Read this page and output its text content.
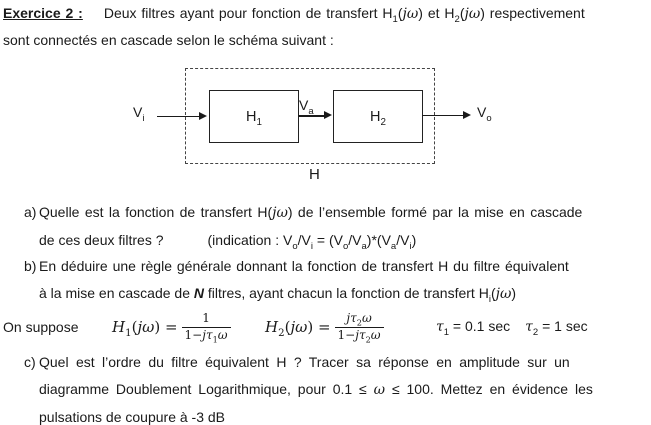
Exercice 2 : Deux filtres ayant pour fonction de transfert $H_1(j\omega)$ et $H_2(j\omega)$ respectivement
sont connectés en cascade selon le schéma suivant :
$H_1$	$H_2$
$V_i$
$V_a$	$V_o$
H
a) Quelle est la fonction de transfert H(jω) de l’ensemble formé par la mise en cascade
de ces deux filtres ?	(indication : $V_o/V_i = (V_o/V_a)*(V_a/V_i)$
b) En déduire une règle générale donnant la fonction de transfert H du filtre équivalent
à la mise en cascade de N filtres, ayant chacun la fonction de transfert $H_i(j\omega)$
On suppose $H_1(j\omega) = \frac{1}{1-j\tau_1\omega} H_2(j\omega) = \frac{j\tau_2\omega}{1-j\tau_2\omega}$	$\tau_1 = 0.1$ $\sec \tau_2 = 1$ sec
c) Quel est l’ordre du filtre équivalent H ? Tracer sa réponse en amplitude sur un
diagramme Doublement Logarithmique, pour 0.1 ≤ ω ≤ 100. Mettez en évidence les
pulsations de coupure à -3 dB
